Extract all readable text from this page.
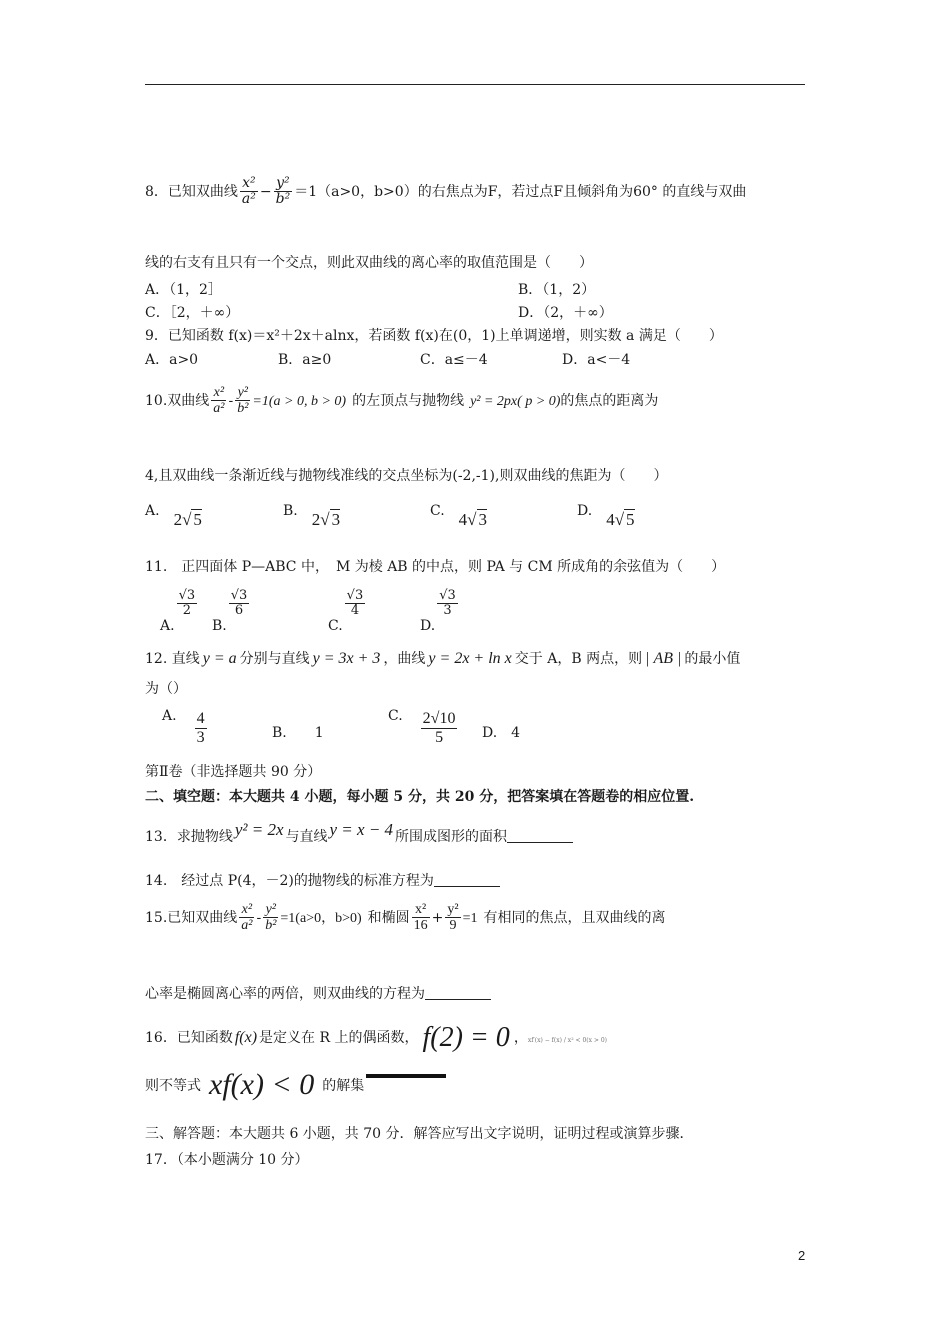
8．已知双曲线 $\frac{\text{x²}}{\text{a²}} - \frac{\text{y²}}{\text{b²}} =1(a>0$，b>0）的右焦点为F，若过点F且倾斜角为60° 的直线与双曲
线的右支有且只有一个交点，则此双曲线的离心率的取值范围是（　　）
A．（1，2］	B．（1，2）
C．［2，＋∞）	D．（2，＋∞）
9．已知函数 f(x)＝x²＋2x＋alnx，若函数 f(x)在(0，1)上单调递增，则实数 a 满足（　　）
A．a>0	B．a≥0	C．a≤－4	D．a<－4
10.双曲线 $\frac{\text{x²}}{\text{a²}} - \frac{\text{y²}}{\text{b²}} =1(a > 0$, b > 0) 的左顶点与抛物线 y² = 2px( p > 0)的焦点的距离为
4,且双曲线一条渐近线与抛物线准线的交点坐标为(-2,-1),则双曲线的焦距为（　　）
A. 2√ 5	B. 2√ 3	C. 4√ 3	D. 4√ 5
11.　正四面体 P—ABC 中，　M 为棱 AB 的中点，则 PA 与 CM 所成角的余弦值为（　　）
A.
$\frac{√3}{2}$
B.
$\frac{√3}{6}$
C.
$\frac{√3}{4}$
D.
$\frac{√3}{3}$
12. 直线 y = a 分别与直线 y = 3x + 3 ，曲线 y = 2x + ln x 交于 A，B 两点，则 | AB | 的最小值
为（）
A. $\frac{4}{3}$	B.　　1
C. $\frac{2√10}{5} D$.　4
第Ⅱ卷（非选择题共 90 分）
二、填空题：本大题共 4 小题，每小题 5 分，共 20 分，把答案填在答题卷的相应位置.
13．求抛物线 y² = 2x 与直线 y = x − 4 所围成图形的面积
14.　经过点 P(4，－2)的抛物线的标准方程为
15.已知双曲线 $\frac{\text{x²}}{\text{a²}} - \frac{\text{y²}}{\text{b²}} =1(a>0$，b>0) 和椭圆 $\frac{\text{x²}}{16} + \frac{\text{y²}}{9} =1$ 有相同的焦点，且双曲线的离
心率是椭圆离心率的两倍，则双曲线的方程为
16．已知函数 f(x) 是定义在 R 上的偶函数， f(2) = 0 ，xf′(x) − f(x) / x² < 0(x > 0)
则不等式 xf(x) < 0 的解集
三、解答题：本大题共 6 小题，共 70 分．解答应写出文字说明，证明过程或演算步骤．
17．（本小题满分 10 分）
2
